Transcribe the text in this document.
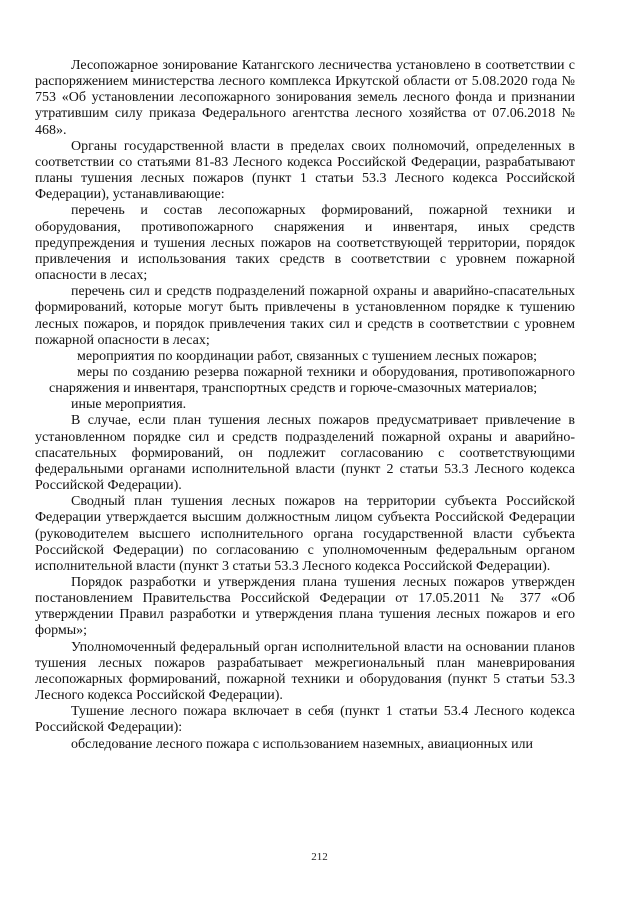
Лесопожарное зонирование Катангского лесничества установлено в соответствии с распоряжением министерства лесного комплекса Иркутской области от 5.08.2020 года № 753 «Об установлении лесопожарного зонирования земель лесного фонда и признании утратившим силу приказа Федерального агентства лесного хозяйства от 07.06.2018 № 468».

Органы государственной власти в пределах своих полномочий, определенных в соответствии со статьями 81-83 Лесного кодекса Российской Федерации, разрабатывают планы тушения лесных пожаров (пункт 1 статьи 53.3 Лесного кодекса Российской Федерации), устанавливающие:

перечень и состав лесопожарных формирований, пожарной техники и оборудования, противопожарного снаряжения и инвентаря, иных средств предупреждения и тушения лесных пожаров на соответствующей территории, порядок привлечения и использования таких средств в соответствии с уровнем пожарной опасности в лесах;

перечень сил и средств подразделений пожарной охраны и аварийно-спасательных формирований, которые могут быть привлечены в установленном порядке к тушению лесных пожаров, и порядок привлечения таких сил и средств в соответствии с уровнем пожарной опасности в лесах;

мероприятия по координации работ, связанных с тушением лесных пожаров;

меры по созданию резерва пожарной техники и оборудования, противопожарного снаряжения и инвентаря, транспортных средств и горюче-смазочных материалов;

иные мероприятия.

В случае, если план тушения лесных пожаров предусматривает привлечение в установленном порядке сил и средств подразделений пожарной охраны и аварийно-спасательных формирований, он подлежит согласованию с соответствующими федеральными органами исполнительной власти (пункт 2 статьи 53.3 Лесного кодекса Российской Федерации).

Сводный план тушения лесных пожаров на территории субъекта Российской Федерации утверждается высшим должностным лицом субъекта Российской Федерации (руководителем высшего исполнительного органа государственной власти субъекта Российской Федерации) по согласованию с уполномоченным федеральным органом исполнительной власти (пункт 3 статьи 53.3 Лесного кодекса Российской Федерации).

Порядок разработки и утверждения плана тушения лесных пожаров утвержден постановлением Правительства Российской Федерации от 17.05.2011 № 377 «Об утверждении Правил разработки и утверждения плана тушения лесных пожаров и его формы»;

Уполномоченный федеральный орган исполнительной власти на основании планов тушения лесных пожаров разрабатывает межрегиональный план маневрирования лесопожарных формирований, пожарной техники и оборудования (пункт 5 статьи 53.3 Лесного кодекса Российской Федерации).

Тушение лесного пожара включает в себя (пункт 1 статьи 53.4 Лесного кодекса Российской Федерации):

обследование лесного пожара с использованием наземных, авиационных или

212
